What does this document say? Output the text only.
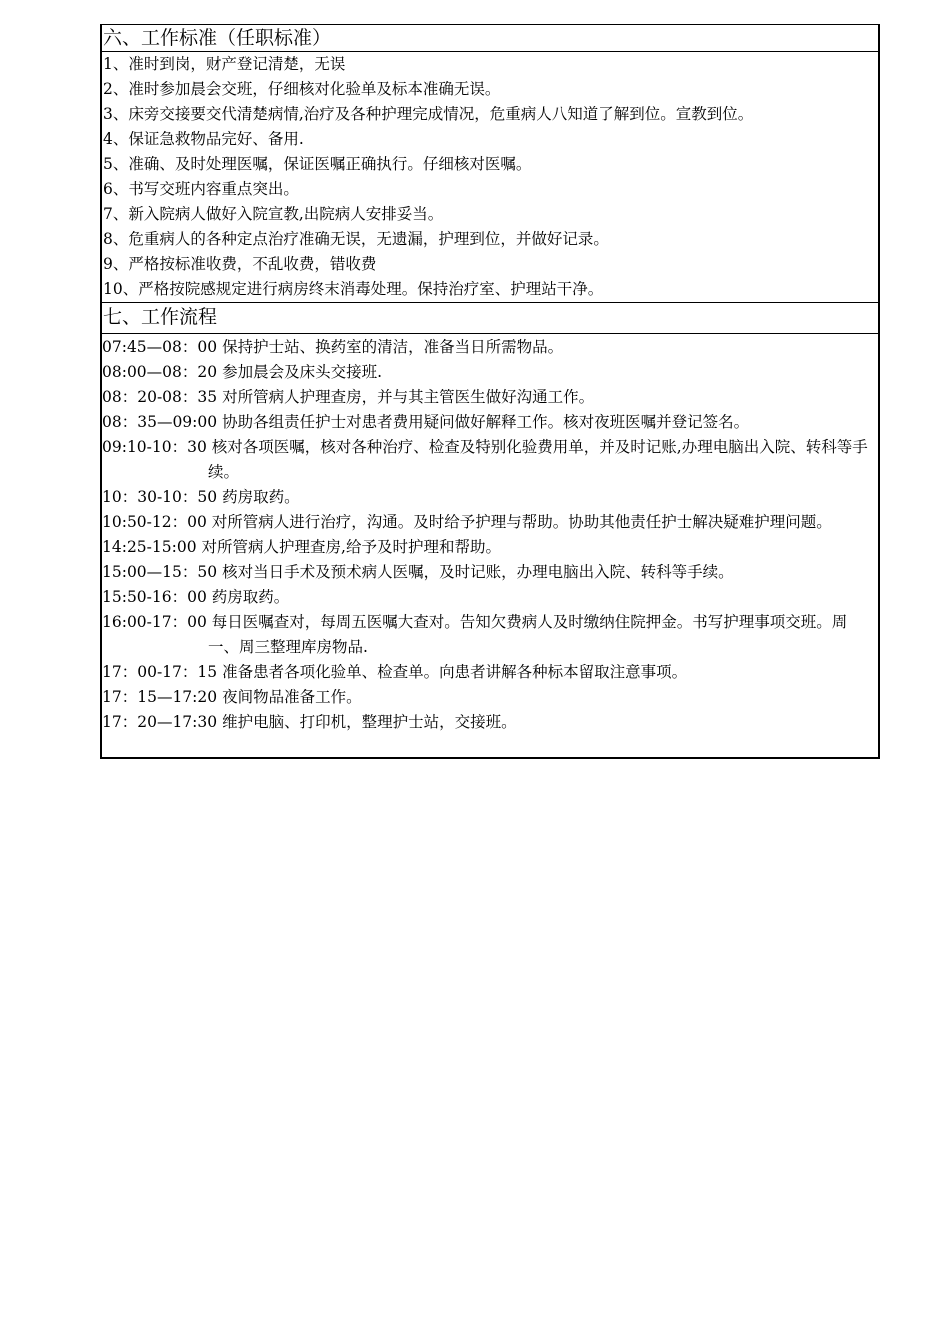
六、工作标准（任职标准）
1、准时到岗，财产登记清楚，无误
2、准时参加晨会交班，仔细核对化验单及标本准确无误。
3、床旁交接要交代清楚病情,治疗及各种护理完成情况，危重病人八知道了解到位。宣教到位。
4、保证急救物品完好、备用.
5、准确、及时处理医嘱，保证医嘱正确执行。仔细核对医嘱。
6、书写交班内容重点突出。
7、新入院病人做好入院宣教,出院病人安排妥当。
8、危重病人的各种定点治疗准确无误，无遗漏，护理到位，并做好记录。
9、严格按标准收费，不乱收费，错收费
10、严格按院感规定进行病房终末消毒处理。保持治疗室、护理站干净。
七、工作流程
07:45—08：00 保持护士站、换药室的清洁，准备当日所需物品。
08:00—08：20 参加晨会及床头交接班.
08：20-08：35 对所管病人护理查房，并与其主管医生做好沟通工作。
08：35—09:00 协助各组责任护士对患者费用疑问做好解释工作。核对夜班医嘱并登记签名。
09:10-10：30 核对各项医嘱，核对各种治疗、检查及特别化验费用单，并及时记账,办理电脑出入院、转科等手续。
10：30-10：50 药房取药。
10:50-12：00 对所管病人进行治疗，沟通。及时给予护理与帮助。协助其他责任护士解决疑难护理问题。
14:25-15:00 对所管病人护理查房,给予及时护理和帮助。
15:00—15：50 核对当日手术及预术病人医嘱，及时记账，办理电脑出入院、转科等手续。
15:50-16：00 药房取药。
16:00-17：00 每日医嘱查对，每周五医嘱大查对。告知欠费病人及时缴纳住院押金。书写护理事项交班。周一、周三整理库房物品.
17：00-17：15 准备患者各项化验单、检查单。向患者讲解各种标本留取注意事项。
17：15—17:20 夜间物品准备工作。
17：20—17:30 维护电脑、打印机，整理护士站，交接班。
